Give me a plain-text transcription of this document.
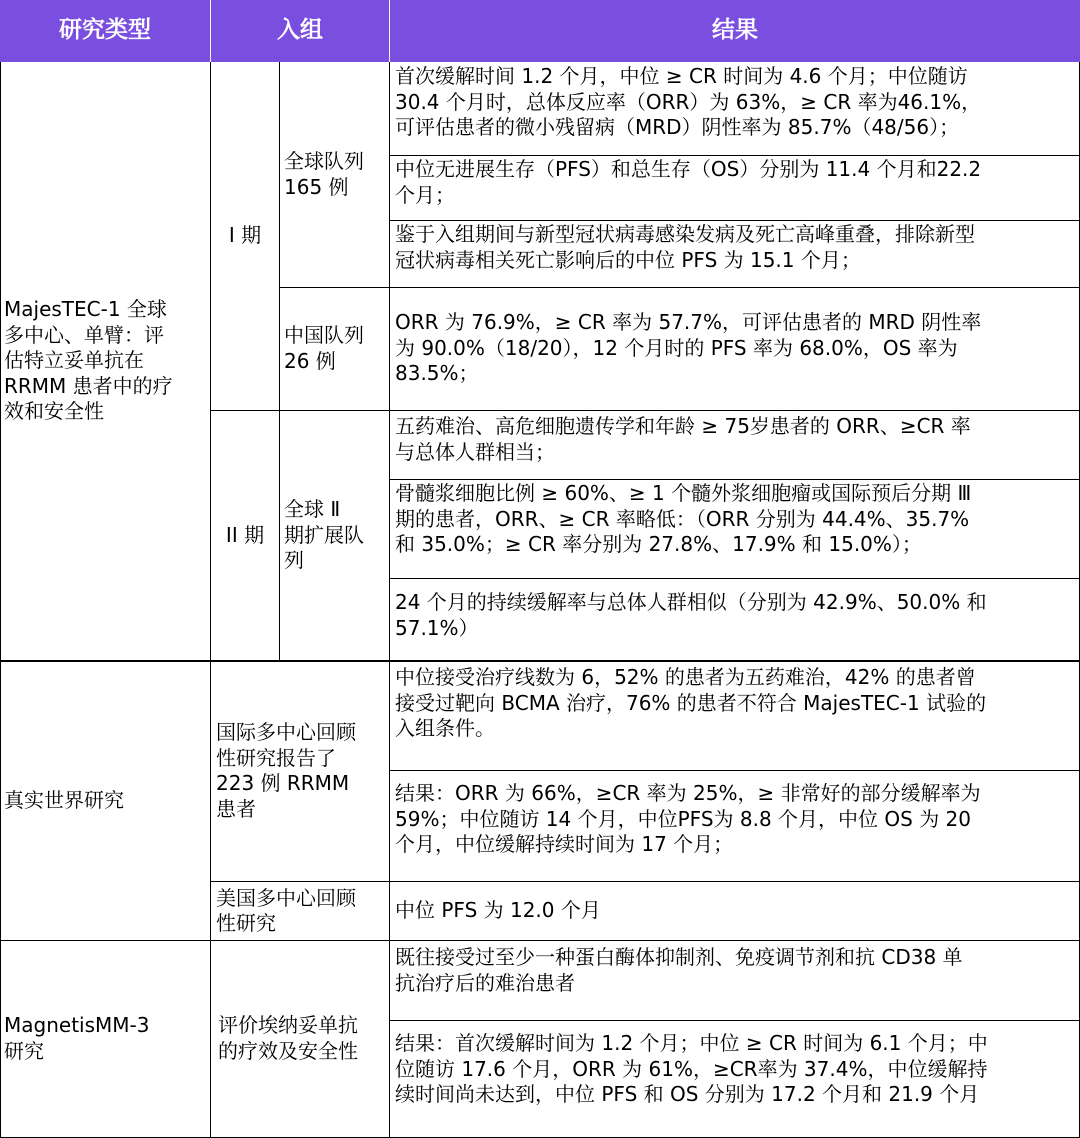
研究类型	入组	结果
MajesTEC-1 全球
多中心、单臂：评
估特立妥单抗在
RRMM 患者中的疗
效和安全性
I 期
全球队列
165 例
首次缓解时间 1.2 个月，中位 ≥ CR 时间为 4.6 个月；中位随访
30.4 个月时，总体反应率（ORR）为 63%，≥ CR 率为46.1%，
可评估患者的微小残留病（MRD）阴性率为 85.7%（48/56）；
中位无进展生存（PFS）和总生存（OS）分别为 11.4 个月和22.2
个月；
鉴于入组期间与新型冠状病毒感染发病及死亡高峰重叠，排除新型
冠状病毒相关死亡影响后的中位 PFS 为 15.1 个月；
中国队列
26 例
ORR 为 76.9%，≥ CR 率为 57.7%，可评估患者的 MRD 阴性率
为 90.0%（18/20），12 个月时的 PFS 率为 68.0%，OS 率为
83.5%；
II 期
全球 Ⅱ
期扩展队
列
五药难治、高危细胞遗传学和年龄 ≥ 75岁患者的 ORR、≥CR 率
与总体人群相当；
骨髓浆细胞比例 ≥ 60%、≥ 1 个髓外浆细胞瘤或国际预后分期 Ⅲ
期的患者，ORR、≥ CR 率略低：（ORR 分别为 44.4%、35.7%
和 35.0%；≥ CR 率分别为 27.8%、17.9% 和 15.0%）；
24 个月的持续缓解率与总体人群相似（分别为 42.9%、50.0% 和
57.1%）
真实世界研究
国际多中心回顾
性研究报告了
223 例 RRMM
患者
中位接受治疗线数为 6，52% 的患者为五药难治，42% 的患者曾
接受过靶向 BCMA 治疗，76% 的患者不符合 MajesTEC-1 试验的
入组条件。
结果：ORR 为 66%，≥CR 率为 25%，≥ 非常好的部分缓解率为
59%；中位随访 14 个月，中位PFS为 8.8 个月，中位 OS 为 20
个月，中位缓解持续时间为 17 个月；
美国多中心回顾
性研究
中位 PFS 为 12.0 个月
MagnetisMM-3
研究
评价埃纳妥单抗
的疗效及安全性
既往接受过至少一种蛋白酶体抑制剂、免疫调节剂和抗 CD38 单
抗治疗后的难治患者
结果：首次缓解时间为 1.2 个月；中位 ≥ CR 时间为 6.1 个月；中
位随访 17.6 个月，ORR 为 61%，≥CR率为 37.4%，中位缓解持
续时间尚未达到，中位 PFS 和 OS 分别为 17.2 个月和 21.9 个月
